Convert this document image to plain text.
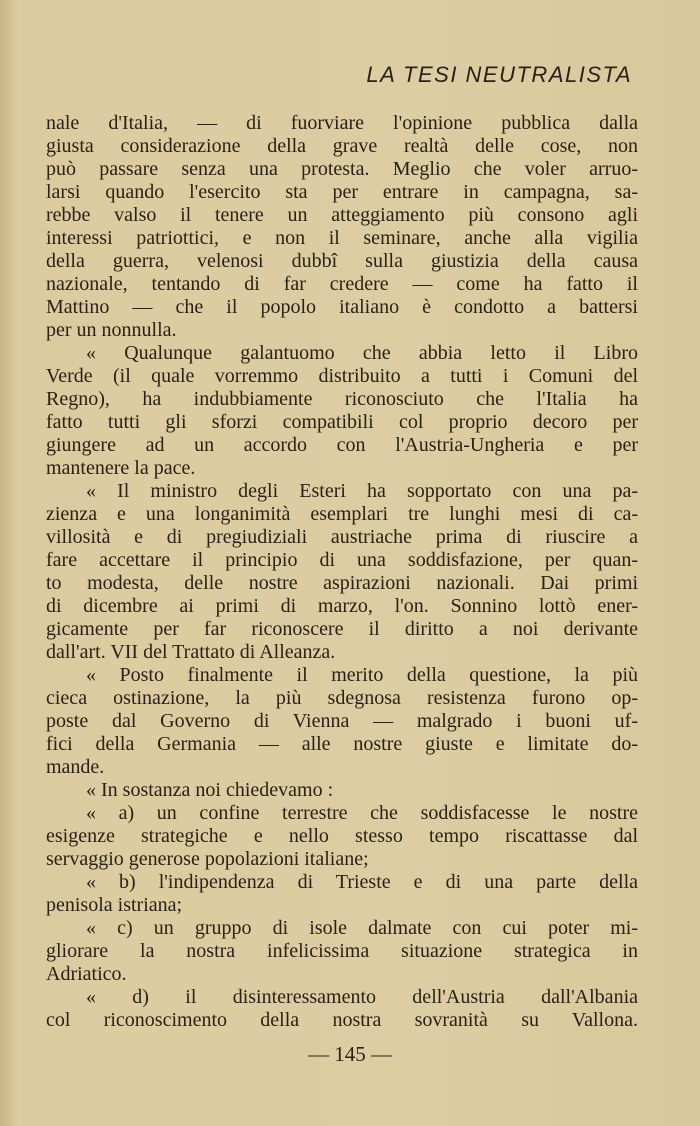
LA TESI NEUTRALISTA
nale d'Italia, — di fuorviare l'opinione pubblica dalla
giusta considerazione della grave realtà delle cose, non
può passare senza una protesta. Meglio che voler arruo-
larsi quando l'esercito sta per entrare in campagna, sa-
rebbe valso il tenere un atteggiamento più consono agli
interessi patriottici, e non il seminare, anche alla vigilia
della guerra, velenosi dubbî sulla giustizia della causa
nazionale, tentando di far credere — come ha fatto il
Mattino — che il popolo italiano è condotto a battersi
per un nonnulla.
« Qualunque galantuomo che abbia letto il Libro
Verde (il quale vorremmo distribuito a tutti i Comuni del
Regno), ha indubbiamente riconosciuto che l'Italia ha
fatto tutti gli sforzi compatibili col proprio decoro per
giungere ad un accordo con l'Austria-Ungheria e per
mantenere la pace.
« Il ministro degli Esteri ha sopportato con una pa-
zienza e una longanimità esemplari tre lunghi mesi di ca-
villosità e di pregiudiziali austriache prima di riuscire a
fare accettare il principio di una soddisfazione, per quan-
to modesta, delle nostre aspirazioni nazionali. Dai primi
di dicembre ai primi di marzo, l'on. Sonnino lottò ener-
gicamente per far riconoscere il diritto a noi derivante
dall'art. VII del Trattato di Alleanza.
« Posto finalmente il merito della questione, la più
cieca ostinazione, la più sdegnosa resistenza furono op-
poste dal Governo di Vienna — malgrado i buoni uf-
fici della Germania — alle nostre giuste e limitate do-
mande.
« In sostanza noi chiedevamo :
« a) un confine terrestre che soddisfacesse le nostre
esigenze strategiche e nello stesso tempo riscattasse dal
servaggio generose popolazioni italiane;
« b) l'indipendenza di Trieste e di una parte della
penisola istriana;
« c) un gruppo di isole dalmate con cui poter mi-
gliorare la nostra infelicissima situazione strategica in
Adriatico.
« d) il disinteressamento dell'Austria dall'Albania
col riconoscimento della nostra sovranità su Vallona.
— 145 —
